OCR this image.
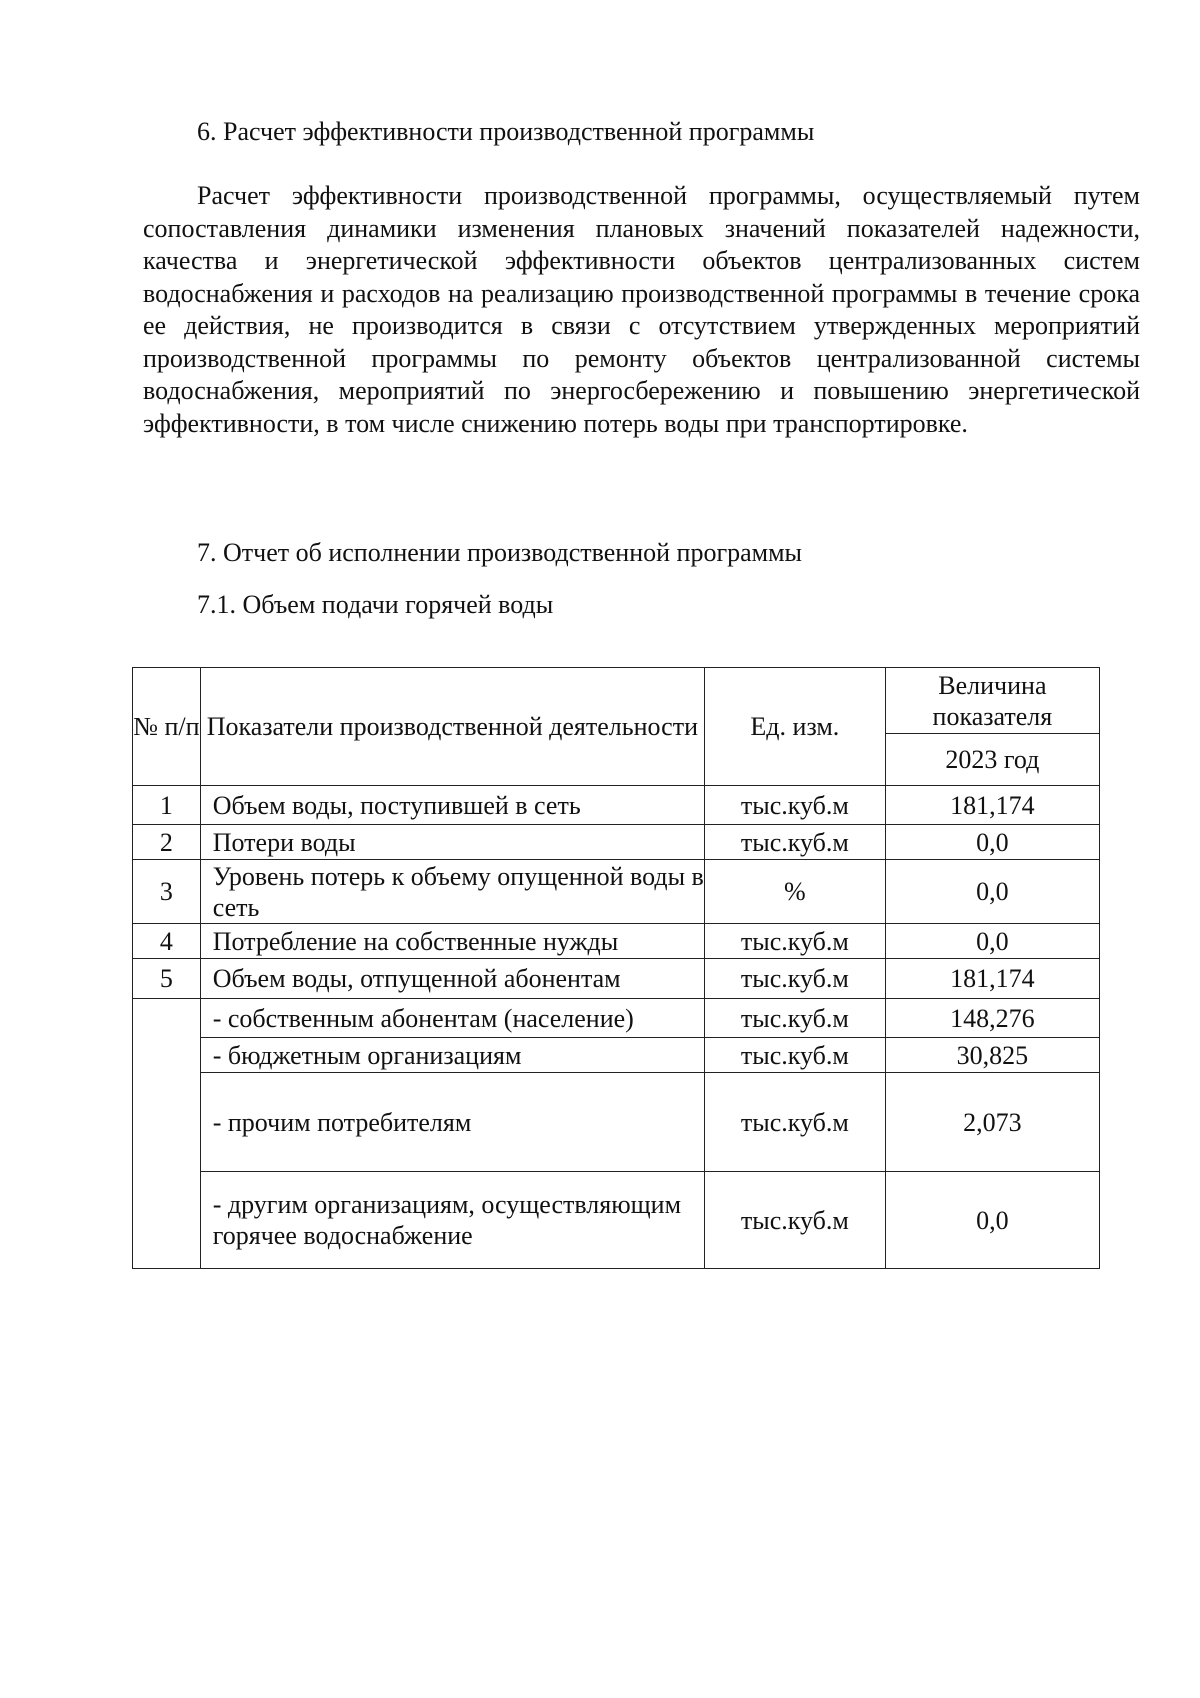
6. Расчет эффективности производственной программы

Расчет эффективности производственной программы, осуществляемый путем сопоставления динамики изменения плановых значений показателей надежности, качества и энергетической эффективности объектов централизованных систем водоснабжения и расходов на реализацию производственной программы в течение срока ее действия, не производится в связи с отсутствием утвержденных мероприятий производственной программы по ремонту объектов централизованной системы водоснабжения, мероприятий по энергосбережению и повышению энергетической эффективности, в том числе снижению потерь воды при транспортировке.

7. Отчет об исполнении производственной программы
7.1. Объем подачи горячей воды
№ п/п	Показатели производственной деятельности	Ед. изм.	Величина показателя
			2023 год
1	Объем воды, поступившей в сеть	тыс.куб.м	181,174
2	Потери воды	тыс.куб.м	0,0
3	Уровень потерь к объему опущенной воды в сеть	%	0,0
4	Потребление на собственные нужды	тыс.куб.м	0,0
5	Объем воды, отпущенной абонентам	тыс.куб.м	181,174
	- собственным абонентам (население)	тыс.куб.м	148,276
	- бюджетным организациям	тыс.куб.м	30,825
	- прочим потребителям	тыс.куб.м	2,073
	- другим организациям, осуществляющим горячее водоснабжение	тыс.куб.м	0,0
